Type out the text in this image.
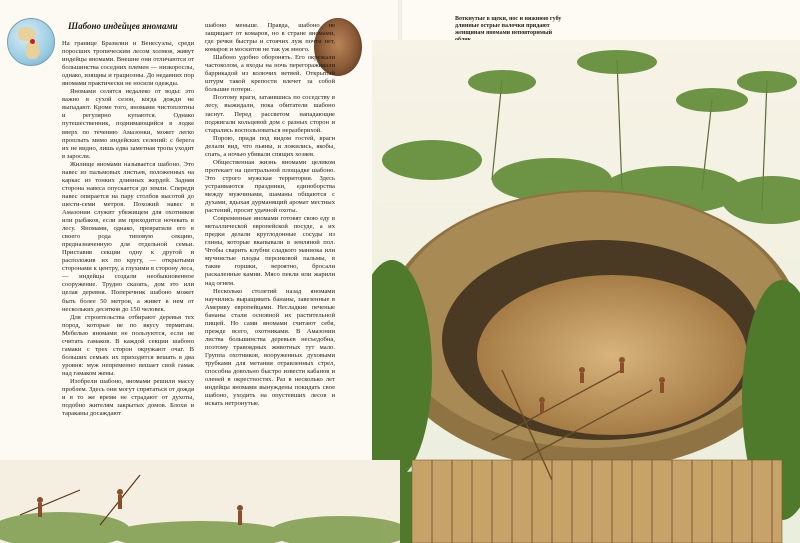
Шабоно индейцев яномами

На границе Бразилии и Венесуэлы, среди поросших тропическим лесом холмов, живут индейцы яномами. Внешне они отличаются от большинства соседних племен — низкорослы, однако, изящны и грациозны. До недавних пор яномами практически не носили одежды.

Яномами селятся недалеко от воды: это важно в сухой сезон, когда дожди не выпадают. Кроме того, яномами чистоплотны и регулярно купаются. Однако путешественник, поднимающийся в лодке вверх по течению Амазонки, может легко проплыть мимо индейских селений: с берега их не видно, лишь едва заметная тропа уходит в заросли.

Жилище яномами называется шабоно. Это навес из пальмовых листьев, положенных на каркас из тонких длинных жердей. Задняя сторона навеса опускается до земли. Спереди навес опирается на пару столбов высотой до шести-семи метров. Похожий навес в Амазонии служит убежищем для охотников или рыбаков, если им приходится ночевать в лесу. Яномами, однако, превратили его в своего рода типовую секцию, предназначенную для отдельной семьи. Приставив секции одну к другой и расположив их по кругу, — открытыми сторонами к центру, а глухими в сторону леса, — индейцы создали необыкновенное сооружение. Трудно сказать, дом это или целая деревня. Поперечник шабоно может быть более 50 метров, а живет в нем от нескольких десятков до 150 человек.

Для строительства отбирают деревья тех пород, которые не по вкусу термитам. Мебелью яномами не пользуются, если не считать гамаков. В каждой секции шабоно гамаки с трех сторон окружают очаг. В больших семьях их приходится вешать в два уровня: муж непременно вешает свой гамак над гамаком жены.

Изобрели шабоно, яномами решили массу проблем. Здесь они могут спрятаться от дождя и в то же время не страдают от духоты, подобно жителям закрытых домов. Блохи и тараканы досаждают

шабоно меньше. Правда, шабоно не защищает от комаров, но в стране яномами, где речки быстры и стоячих луж почти нет, комаров и москитов не так уж много.

Шабоно удобно оборонять. Его окружали частоколом, а входы на ночь перегораживали баррикадой из колючих ветвей. Открытый штурм такой крепости влечет за собой большие потери.

Поэтому враги, затаившись по соседству в лесу, выжидали, пока обитатели шабоно заснут. Перед рассветом нападающие поджигали кольцевой дом с разных сторон и старались воспользоваться неразберихой.

Порою, придя под видом гостей, враги делали вид, что пьяны, и ложились, якобы, спать, а ночью убивали спящих хозяев.

Общественная жизнь яномами целиком протекает на центральной площадке шабоно. Это строго мужская территория. Здесь устраиваются праздники, единоборства между мужчинами, шаманы общаются с духами, вдыхая дурманящий аромат местных растений, просят удачной охоты.

Современные яномами готовят свою еду в металлической европейской посуде, а их предки делали круглодонные сосуды из глины, которые вкапывали в земляной пол. Чтобы сварить клубни сладкого маниока или мучнистые плоды персиковой пальмы, в такие горшки, вероятно, бросали раскаленные камни. Мясо пекли или жарили над огнем.

Несколько столетий назад яномами научились выращивать бананы, завезенные в Америку европейцами. Несладкие печеные бананы стали основной их растительной пищей. Но сами яномами считают себя, прежде всего, охотниками. В Амазонии листва большинства деревьев несъедобна, поэтому травоядных животных тут мало. Группа охотников, вооруженных духовыми трубками для метания отравленных стрел, способна довольно быстро извести кабанов и оленей в окрестностях. Раз в несколько лет индейцы яномами вынуждены покидать свое шабоно, уходить на опустевших лесов и искать нетронутые.

Воткнутые в щеки, нос и нижнюю губу длинные острые палочки придают женщинам яномами неповторимый
